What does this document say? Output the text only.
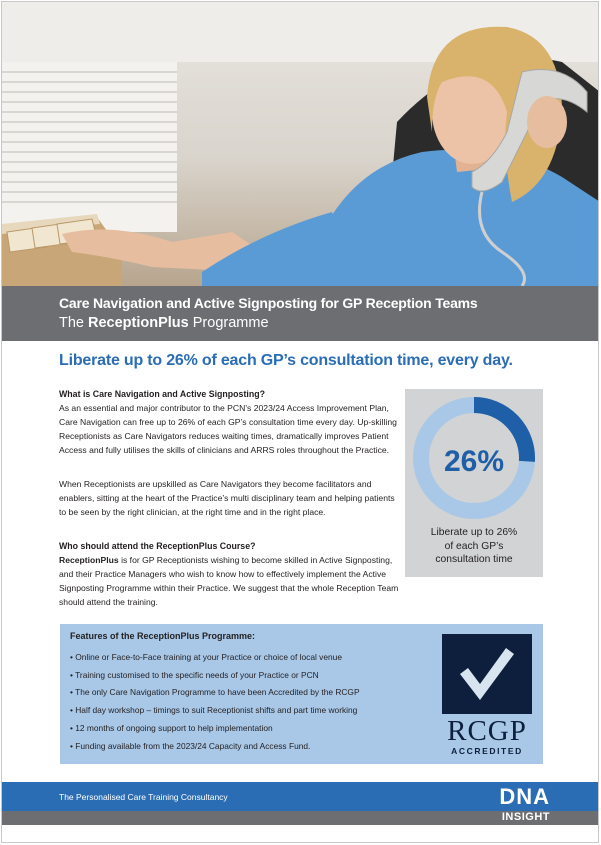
Care Navigation and Active Signposting for GP Reception Teams
The ReceptionPlus Programme
Liberate up to 26% of each GP’s consultation time, every day.
What is Care Navigation and Active Signposting?

As an essential and major contributor to the PCN’s 2023/24 Access Improvement Plan, Care Navigation can free up to 26% of each GP’s consultation time every day. Up-skilling Receptionists as Care Navigators reduces waiting times, dramatically improves Patient Access and fully utilises the skills of clinicians and ARRS roles throughout the Practice.

When Receptionists are upskilled as Care Navigators they become facilitators and enablers, sitting at the heart of the Practice’s multi disciplinary team and helping patients to be seen by the right clinician, at the right time and in the right place.

Who should attend the ReceptionPlus Course?

ReceptionPlus is for GP Receptionists wishing to become skilled in Active Signposting, and their Practice Managers who wish to know how to effectively implement the Active Signposting Programme within their Practice. We suggest that the whole Reception Team should attend the training.

26%
Liberate up to 26%
of each GP’s
consultation time
Features of the ReceptionPlus Programme:
• Online or Face-to-Face training at your Practice or choice of local venue
• Training customised to the specific needs of your Practice or PCN
• The only Care Navigation Programme to have been Accredited by the RCGP
• Half day workshop – timings to suit Receptionist shifts and part time working
• 12 months of ongoing support to help implementation
• Funding available from the 2023/24 Capacity and Access Fund.	RCGP
ACCREDITED
The Personalised Care Training Consultancy	DNA
INSIGHT
